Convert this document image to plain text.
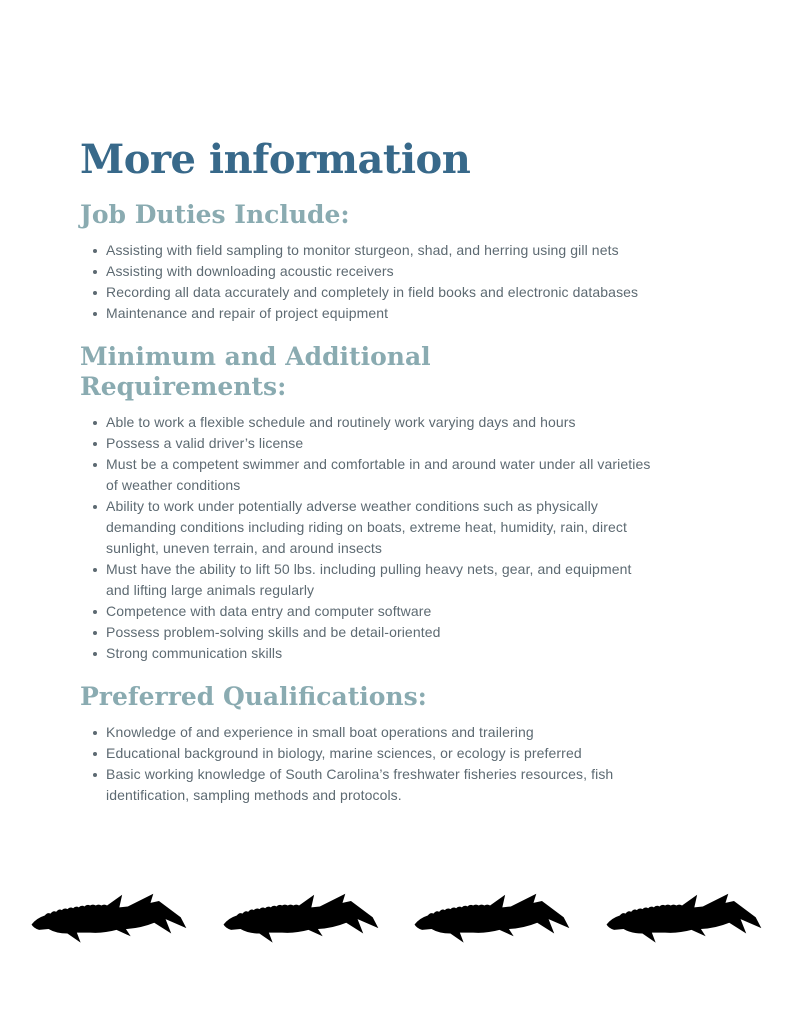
More information
Job Duties Include:
Assisting with field sampling to monitor sturgeon, shad, and herring using gill nets
Assisting with downloading acoustic receivers
Recording all data accurately and completely in field books and electronic databases
Maintenance and repair of project equipment
Minimum and Additional Requirements:
Able to work a flexible schedule and routinely work varying days and hours
Possess a valid driver’s license
Must be a competent swimmer and comfortable in and around water under all varieties of weather conditions
Ability to work under potentially adverse weather conditions such as physically demanding conditions including riding on boats, extreme heat, humidity, rain, direct sunlight, uneven terrain, and around insects
Must have the ability to lift 50 lbs. including pulling heavy nets, gear, and equipment and lifting large animals regularly
Competence with data entry and computer software
Possess problem-solving skills and be detail-oriented
Strong communication skills
Preferred Qualifications:
Knowledge of and experience in small boat operations and trailering
Educational background in biology, marine sciences, or ecology is preferred
Basic working knowledge of South Carolina’s freshwater fisheries resources, fish identification, sampling methods and protocols.
